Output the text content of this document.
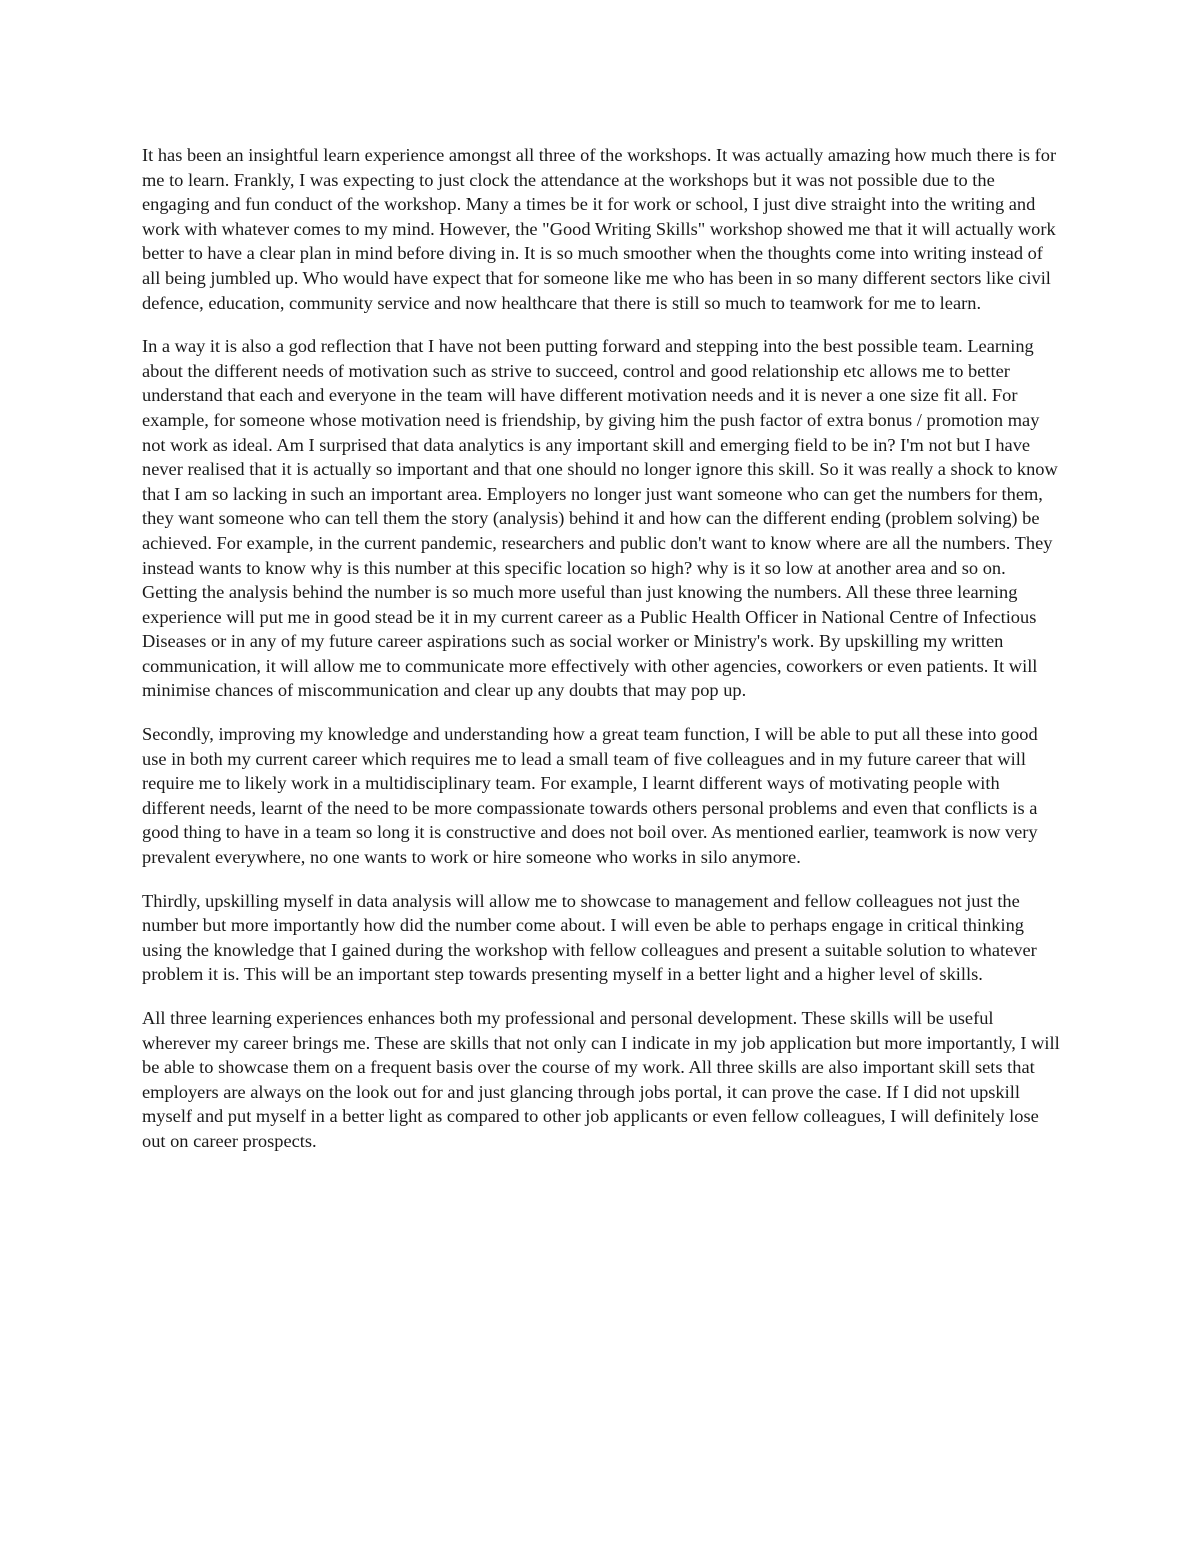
It has been an insightful learn experience amongst all three of the workshops. It was actually amazing how much there is for me to learn. Frankly, I was expecting to just clock the attendance at the workshops but it was not possible due to the engaging and fun conduct of the workshop. Many a times be it for work or school, I just dive straight into the writing and work with whatever comes to my mind. However, the "Good Writing Skills" workshop showed me that it will actually work better to have a clear plan in mind before diving in. It is so much smoother when the thoughts come into writing instead of all being jumbled up. Who would have expect that for someone like me who has been in so many different sectors like civil defence, education, community service and now healthcare that there is still so much to teamwork for me to learn.

In a way it is also a god reflection that I have not been putting forward and stepping into the best possible team. Learning about the different needs of motivation such as strive to succeed, control and good relationship etc allows me to better understand that each and everyone in the team will have different motivation needs and it is never a one size fit all. For example, for someone whose motivation need is friendship, by giving him the push factor of extra bonus / promotion may not work as ideal. Am I surprised that data analytics is any important skill and emerging field to be in? I'm not but I have never realised that it is actually so important and that one should no longer ignore this skill. So it was really a shock to know that I am so lacking in such an important area. Employers no longer just want someone who can get the numbers for them, they want someone who can tell them the story (analysis) behind it and how can the different ending (problem solving) be achieved. For example, in the current pandemic, researchers and public don't want to know where are all the numbers. They instead wants to know why is this number at this specific location so high? why is it so low at another area and so on. Getting the analysis behind the number is so much more useful than just knowing the numbers. All these three learning experience will put me in good stead be it in my current career as a Public Health Officer in National Centre of Infectious Diseases or in any of my future career aspirations such as social worker or Ministry's work. By upskilling my written communication, it will allow me to communicate more effectively with other agencies, coworkers or even patients. It will minimise chances of miscommunication and clear up any doubts that may pop up.

Secondly, improving my knowledge and understanding how a great team function, I will be able to put all these into good use in both my current career which requires me to lead a small team of five colleagues and in my future career that will require me to likely work in a multidisciplinary team. For example, I learnt different ways of motivating people with different needs, learnt of the need to be more compassionate towards others personal problems and even that conflicts is a good thing to have in a team so long it is constructive and does not boil over. As mentioned earlier, teamwork is now very prevalent everywhere, no one wants to work or hire someone who works in silo anymore.

Thirdly, upskilling myself in data analysis will allow me to showcase to management and fellow colleagues not just the number but more importantly how did the number come about. I will even be able to perhaps engage in critical thinking using the knowledge that I gained during the workshop with fellow colleagues and present a suitable solution to whatever problem it is. This will be an important step towards presenting myself in a better light and a higher level of skills.

All three learning experiences enhances both my professional and personal development. These skills will be useful wherever my career brings me. These are skills that not only can I indicate in my job application but more importantly, I will be able to showcase them on a frequent basis over the course of my work. All three skills are also important skill sets that employers are always on the look out for and just glancing through jobs portal, it can prove the case. If I did not upskill myself and put myself in a better light as compared to other job applicants or even fellow colleagues, I will definitely lose out on career prospects.
